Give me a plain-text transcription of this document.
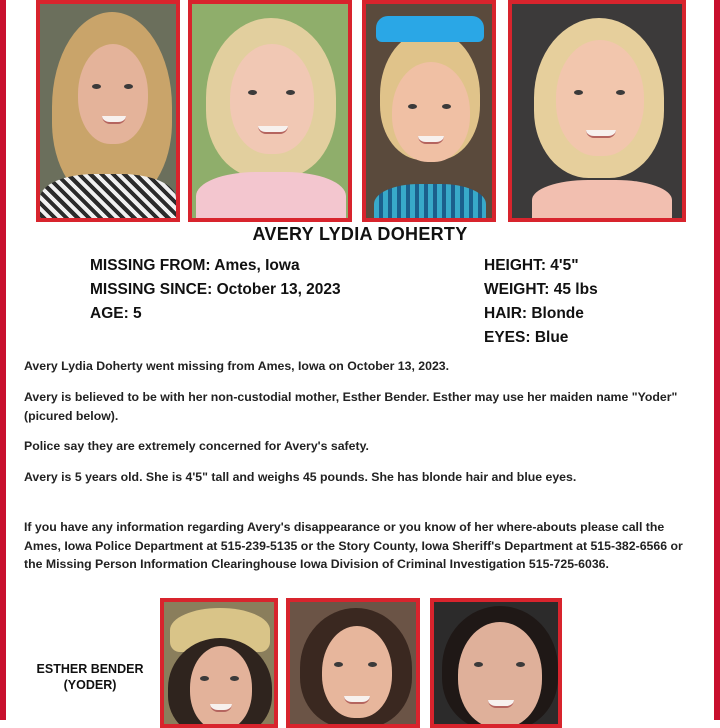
AVERY LYDIA DOHERTY
MISSING FROM: Ames, Iowa
MISSING SINCE: October 13, 2023
AGE: 5
HEIGHT: 4'5"
WEIGHT: 45 lbs
HAIR: Blonde
EYES: Blue

Avery Lydia Doherty went missing from Ames, Iowa on October 13, 2023.

Avery is believed to be with her non-custodial mother, Esther Bender. Esther may use her maiden name "Yoder" (picured below).

Police say they are extremely concerned for Avery's safety.

Avery is 5 years old. She is 4'5" tall and weighs 45 pounds. She has blonde hair and blue eyes.

If you have any information regarding Avery's disappearance or you know of her where-abouts please call the Ames, Iowa Police Department at 515-239-5135 or the Story County, Iowa Sheriff's Department at 515-382-6566 or the Missing Person Information Clearinghouse Iowa Division of Criminal Investigation 515-725-6036.

ESTHER BENDER
(YODER)
